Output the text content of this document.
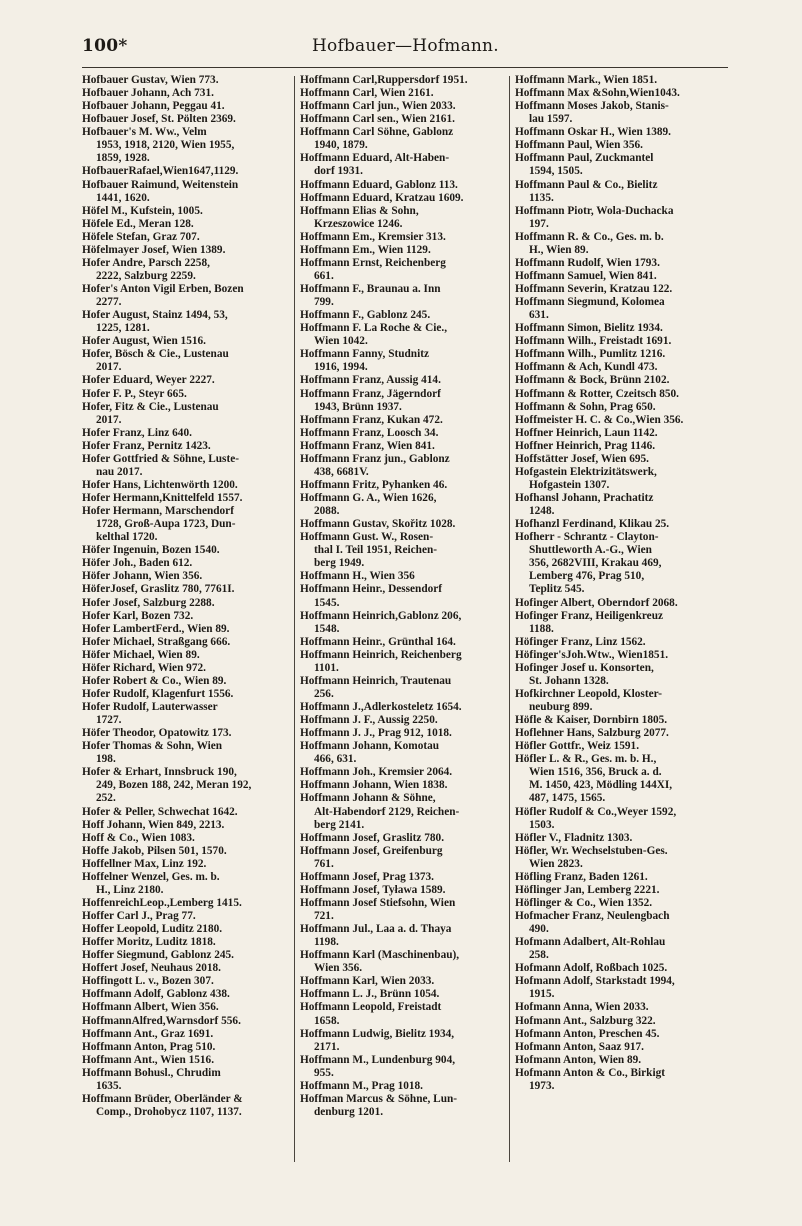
100*	Hofbauer—Hofmann.
Hofbauer Gustav, Wien 773.
Hofbauer Johann, Ach 731.
Hofbauer Johann, Peggau 41.
Hofbauer Josef, St. Pölten 2369.
Hofbauer's M. Ww., Velm
1953, 1918, 2120, Wien 1955,
1859, 1928.
HofbauerRafael,Wien1647,1129.
Hofbauer Raimund, Weitenstein
1441, 1620.
Höfel M., Kufstein, 1005.
Höfele Ed., Meran 128.
Höfele Stefan, Graz 707.
Höfelmayer Josef, Wien 1389.
Hofer Andre, Parsch 2258,
2222, Salzburg 2259.
Hofer's Anton Vigil Erben, Bozen
2277.
Hofer August, Stainz 1494, 53,
1225, 1281.
Hofer August, Wien 1516.
Hofer, Bösch & Cie., Lustenau
2017.
Hofer Eduard, Weyer 2227.
Hofer F. P., Steyr 665.
Hofer, Fitz & Cie., Lustenau
2017.
Hofer Franz, Linz 640.
Hofer Franz, Pernitz 1423.
Hofer Gottfried & Söhne, Luste-
nau 2017.
Hofer Hans, Lichtenwörth 1200.
Hofer Hermann,Knittelfeld 1557.
Hofer Hermann, Marschendorf
1728, Groß-Aupa 1723, Dun-
kelthal 1720.
Höfer Ingenuin, Bozen 1540.
Höfer Joh., Baden 612.
Höfer Johann, Wien 356.
HöferJosef, Graslitz 780, 7761I.
Hofer Josef, Salzburg 2288.
Hofer Karl, Bozen 732.
Hofer LambertFerd., Wien 89.
Hofer Michael, Straßgang 666.
Höfer Michael, Wien 89.
Höfer Richard, Wien 972.
Hofer Robert & Co., Wien 89.
Hofer Rudolf, Klagenfurt 1556.
Hofer Rudolf, Lauterwasser
1727.
Höfer Theodor, Opatowitz 173.
Hofer Thomas & Sohn, Wien
198.
Hofer & Erhart, Innsbruck 190,
249, Bozen 188, 242, Meran 192,
252.
Hofer & Peller, Schwechat 1642.
Hoff Johann, Wien 849, 2213.
Hoff & Co., Wien 1083.
Hoffe Jakob, Pilsen 501, 1570.
Hoffellner Max, Linz 192.
Hoffelner Wenzel, Ges. m. b.
H., Linz 2180.
HoffenreichLeop.,Lemberg 1415.
Hoffer Carl J., Prag 77.
Hoffer Leopold, Luditz 2180.
Hoffer Moritz, Luditz 1818.
Hoffer Siegmund, Gablonz 245.
Hoffert Josef, Neuhaus 2018.
Hoffingott L. v., Bozen 307.
Hoffmann Adolf, Gablonz 438.
Hoffmann Albert, Wien 356.
HoffmannAlfred,Warnsdorf 556.
Hoffmann Ant., Graz 1691.
Hoffmann Anton, Prag 510.
Hoffmann Ant., Wien 1516.
Hoffmann Bohusl., Chrudim
1635.
Hoffmann Brüder, Oberländer &
Comp., Drohobycz 1107, 1137.
Hoffmann Carl,Ruppersdorf 1951.
Hoffmann Carl, Wien 2161.
Hoffmann Carl jun., Wien 2033.
Hoffmann Carl sen., Wien 2161.
Hoffmann Carl Söhne, Gablonz
1940, 1879.
Hoffmann Eduard, Alt-Haben-
dorf 1931.
Hoffmann Eduard, Gablonz 113.
Hoffmann Eduard, Kratzau 1609.
Hoffmann Elias & Sohn,
Krzeszowice 1246.
Hoffmann Em., Kremsier 313.
Hoffmann Em., Wien 1129.
Hoffmann Ernst, Reichenberg
661.
Hoffmann F., Braunau a. Inn
799.
Hoffmann F., Gablonz 245.
Hoffmann F. La Roche & Cie.,
Wien 1042.
Hoffmann Fanny, Studnitz
1916, 1994.
Hoffmann Franz, Aussig 414.
Hoffmann Franz, Jägerndorf
1943, Brünn 1937.
Hoffmann Franz, Kukan 472.
Hoffmann Franz, Loosch 34.
Hoffmann Franz, Wien 841.
Hoffmann Franz jun., Gablonz
438, 6681V.
Hoffmann Fritz, Pyhanken 46.
Hoffmann G. A., Wien 1626,
2088.
Hoffmann Gustav, Skořitz 1028.
Hoffmann Gust. W., Rosen-
thal I. Teil 1951, Reichen-
berg 1949.
Hoffmann H., Wien 356
Hoffmann Heinr., Dessendorf
1545.
Hoffmann Heinrich,Gablonz 206,
1548.
Hoffmann Heinr., Grünthal 164.
Hoffmann Heinrich, Reichenberg
1101.
Hoffmann Heinrich, Trautenau
256.
Hoffmann J.,Adlerkosteletz 1654.
Hoffmann J. F., Aussig 2250.
Hoffmann J. J., Prag 912, 1018.
Hoffmann Johann, Komotau
466, 631.
Hoffmann Joh., Kremsier 2064.
Hoffmann Johann, Wien 1838.
Hoffmann Johann & Söhne,
Alt-Habendorf 2129, Reichen-
berg 2141.
Hoffmann Josef, Graslitz 780.
Hoffmann Josef, Greifenburg
761.
Hoffmann Josef, Prag 1373.
Hoffmann Josef, Tyława 1589.
Hoffmann Josef Stiefsohn, Wien
721.
Hoffmann Jul., Laa a. d. Thaya
1198.
Hoffmann Karl (Maschinenbau),
Wien 356.
Hoffmann Karl, Wien 2033.
Hoffmann L. J., Brünn 1054.
Hoffmann Leopold, Freistadt
1658.
Hoffmann Ludwig, Bielitz 1934,
2171.
Hoffmann M., Lundenburg 904,
955.
Hoffmann M., Prag 1018.
Hoffman Marcus & Söhne, Lun-
denburg 1201.
Hoffmann Mark., Wien 1851.
Hoffmann Max &Sohn,Wien1043.
Hoffmann Moses Jakob, Stanis-
lau 1597.
Hoffmann Oskar H., Wien 1389.
Hoffmann Paul, Wien 356.
Hoffmann Paul, Zuckmantel
1594, 1505.
Hoffmann Paul & Co., Bielitz
1135.
Hoffmann Piotr, Wola-Duchacka
197.
Hoffmann R. & Co., Ges. m. b.
H., Wien 89.
Hoffmann Rudolf, Wien 1793.
Hoffmann Samuel, Wien 841.
Hoffmann Severin, Kratzau 122.
Hoffmann Siegmund, Kolomea
631.
Hoffmann Simon, Bielitz 1934.
Hoffmann Wilh., Freistadt 1691.
Hoffmann Wilh., Pumlitz 1216.
Hoffmann & Ach, Kundl 473.
Hoffmann & Bock, Brünn 2102.
Hoffmann & Rotter, Czeitsch 850.
Hoffmann & Sohn, Prag 650.
Hoffmeister H. C. & Co.,Wien 356.
Hoffner Heinrich, Laun 1142.
Hoffner Heinrich, Prag 1146.
Hoffstätter Josef, Wien 695.
Hofgastein Elektrizitätswerk,
Hofgastein 1307.
Hofhansl Johann, Prachatitz
1248.
Hofhanzl Ferdinand, Klikau 25.
Hofherr - Schrantz - Clayton-
Shuttleworth A.-G., Wien
356, 2682VIII, Krakau 469,
Lemberg 476, Prag 510,
Teplitz 545.
Hofinger Albert, Oberndorf 2068.
Hofinger Franz, Heiligenkreuz
1188.
Höfinger Franz, Linz 1562.
Höfinger'sJoh.Wtw., Wien1851.
Hofinger Josef u. Konsorten,
St. Johann 1328.
Hofkirchner Leopold, Kloster-
neuburg 899.
Höfle & Kaiser, Dornbirn 1805.
Hoflehner Hans, Salzburg 2077.
Höfler Gottfr., Weiz 1591.
Höfler L. & R., Ges. m. b. H.,
Wien 1516, 356, Bruck a. d.
M. 1450, 423, Mödling 144XI,
487, 1475, 1565.
Höfler Rudolf & Co.,Weyer 1592,
1503.
Höfler V., Fladnitz 1303.
Höfler, Wr. Wechselstuben-Ges.
Wien 2823.
Höfling Franz, Baden 1261.
Höflinger Jan, Lemberg 2221.
Höflinger & Co., Wien 1352.
Hofmacher Franz, Neulengbach
490.
Hofmann Adalbert, Alt-Rohlau
258.
Hofmann Adolf, Roßbach 1025.
Hofmann Adolf, Starkstadt 1994,
1915.
Hofmann Anna, Wien 2033.
Hofmann Ant., Salzburg 322.
Hofmann Anton, Preschen 45.
Hofmann Anton, Saaz 917.
Hofmann Anton, Wien 89.
Hofmann Anton & Co., Birkigt
1973.
